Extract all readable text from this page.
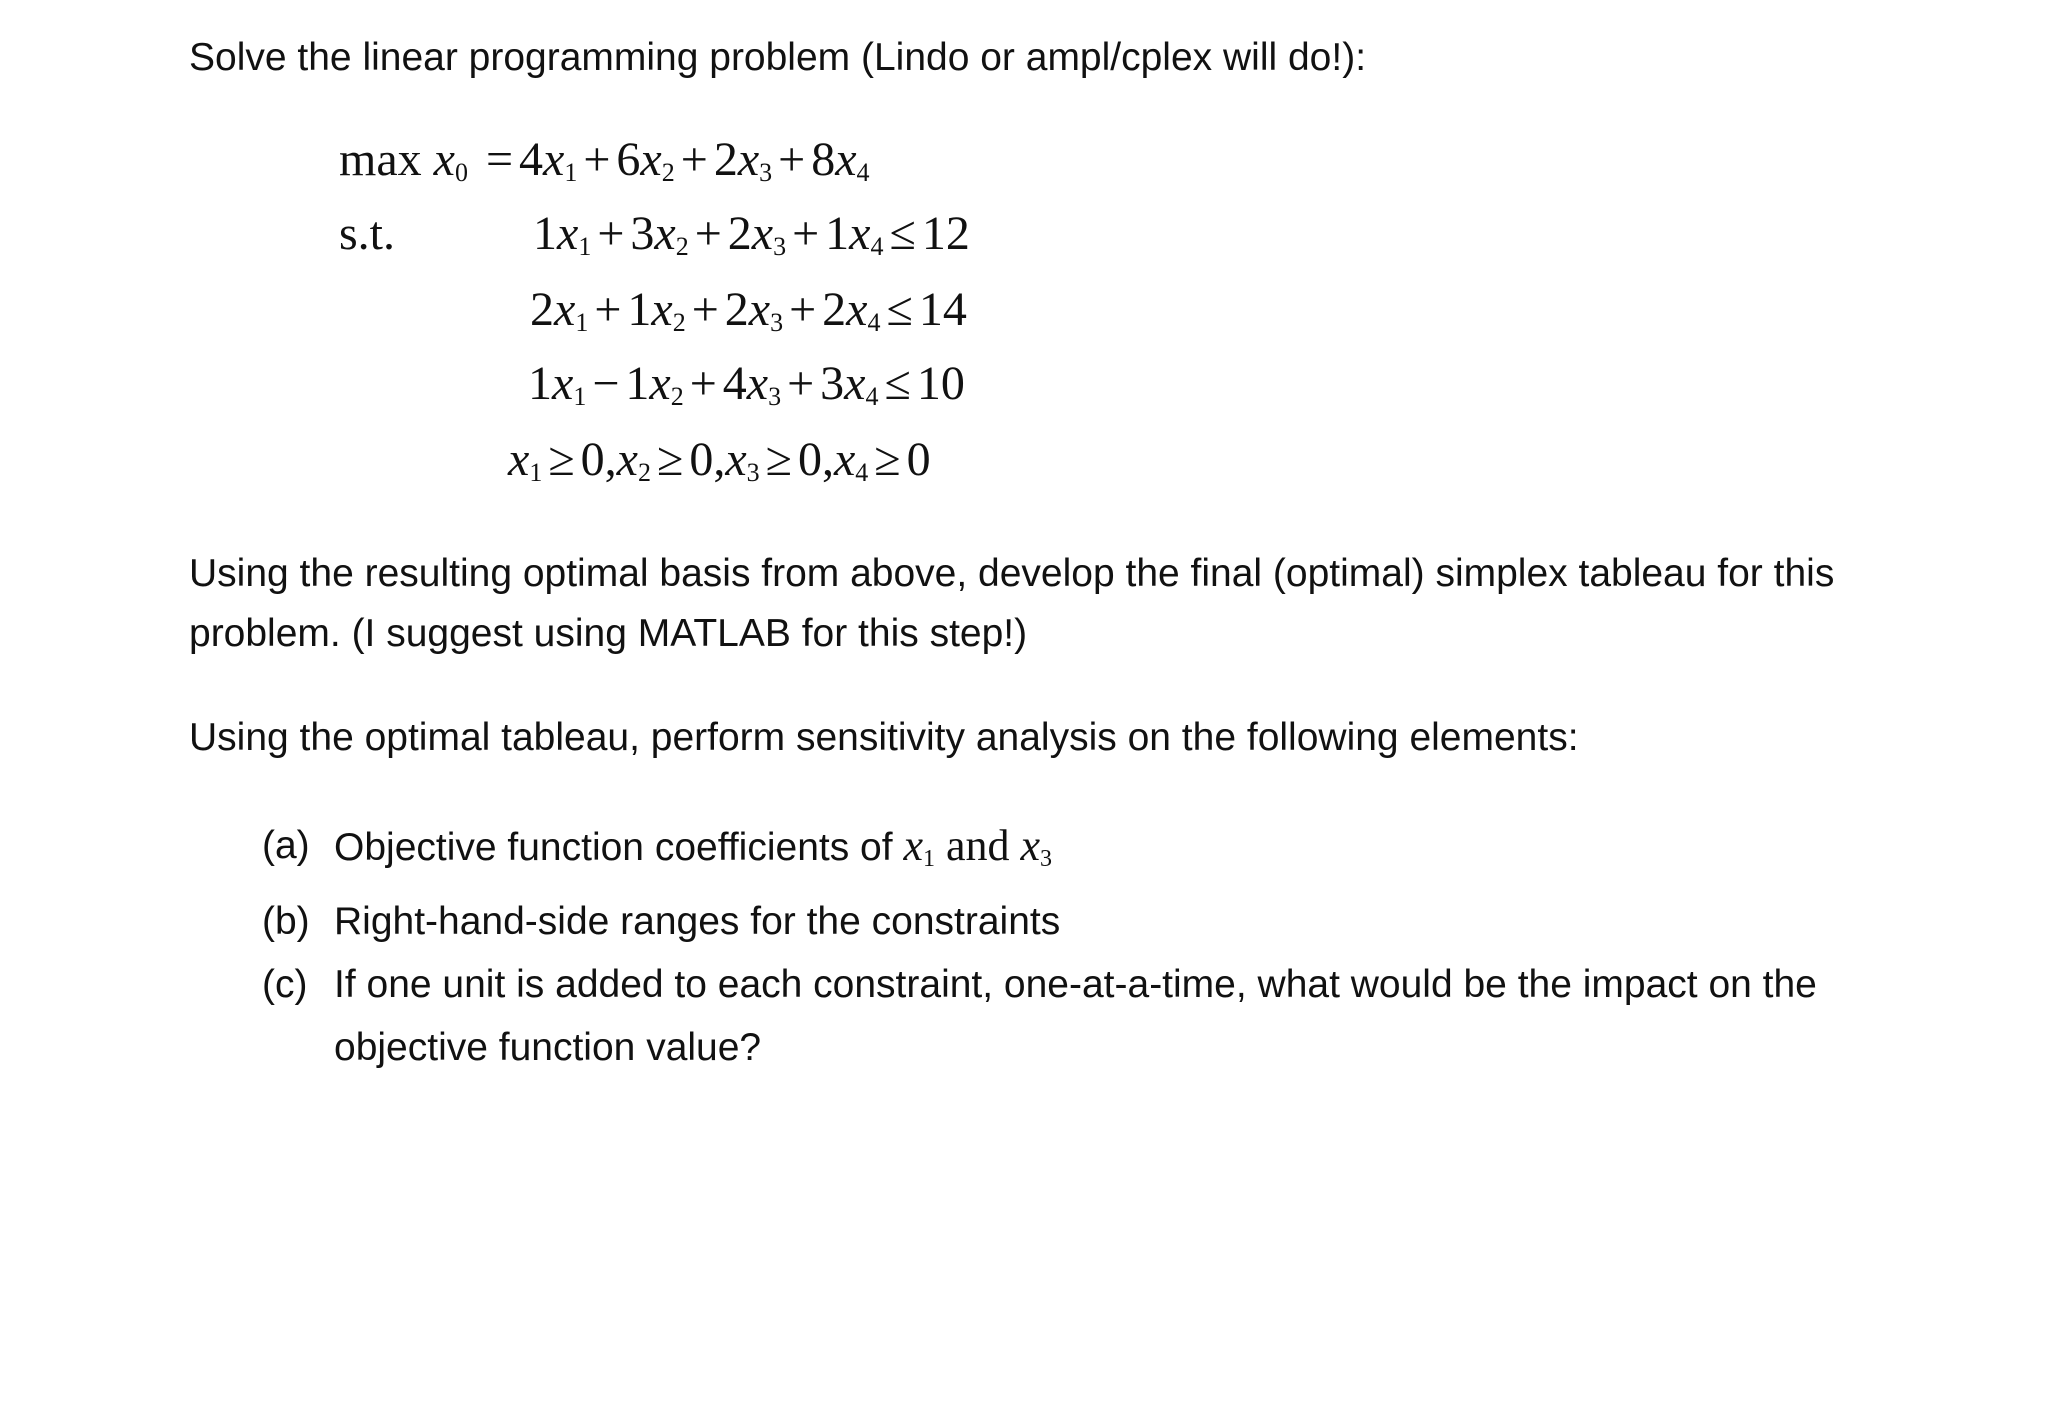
Solve the linear programming problem (Lindo or ampl/cplex will do!):
$\max x_0 = 4x_1 + 6x_2 + 2x_3 + 8x_4$
s.t.	$1x_1 + 3x_2 + 2x_3 + 1x_4 \le 12$
$2x_1 + 1x_2 + 2x_3 + 2x_4 \le 14$
$1x_1 - 1x_2 + 4x_3 + 3x_4 \le 10$
$x_1 \ge 0,x_2 \ge 0,x_3 \ge 0,x_4 \ge 0$
Using the resulting optimal basis from above, develop the final (optimal) simplex tableau for this
problem. (I suggest using MATLAB for this step!)
Using the optimal tableau, perform sensitivity analysis on the following elements:
(a) Objective function coefficients of $x_1$ and $x_3$
(b) Right-hand-side ranges for the constraints
(c) If one unit is added to each constraint, one-at-a-time, what would be the impact on the
objective function value?
